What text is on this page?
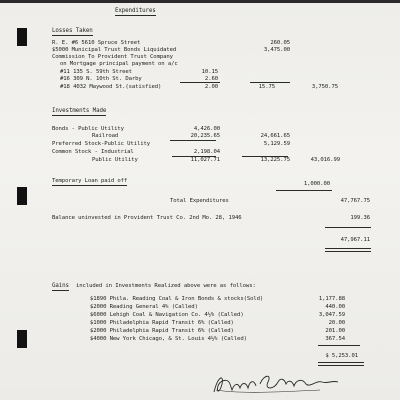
Expenditures
Losses Taken
R. E. #6 5610 Spruce Street	260.05
$5000 Municipal Trust Bonds Liquidated	3,475.00
Commission To Provident Trust Company
on Mortgage principal payment on a/c
#11 135 S. 59th Street	10.15
#16 309 N. 10th St. Darby	2.60
#18 4032 Maywood St.(satisfied)	2.00	15.75	3,750.75
Investments Made
Bonds - Public Utility	4,426.00
Railroad	20,235.65	24,661.65
Preferred Stock-Public Utility	5,129.59
Common Stock - Industrial	2,198.04
Public Utility	11,027.71	13,225.75	43,016.99
Temporary Loan paid off	1,000.00
Total Expenditures	47,767.75
Balance uninvested in Provident Trust Co. 2nd Mo. 28, 1946	199.36
47,967.11
Gains included in Investments Realized above were as follows:
$1890 Phila. Reading Coal & Iron Bonds & stocks(Sold)	1,177.88
$2000 Reading General 4% (Called)	440.00
$6000 Lehigh Coal & Navigation Co. 4½% (Called)	3,047.59
$1000 Philadelphia Rapid Transit 6% (Called)	20.00
$2000 Philadelphia Rapid Transit 6% (Called)	201.00
$4000 New York Chicago, & St. Louis 4½% (Called)	367.54
$ 5,253.01
